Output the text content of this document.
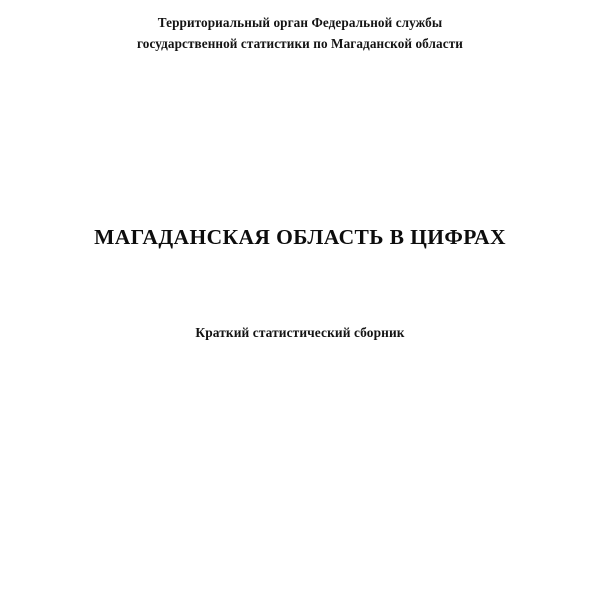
Территориальный орган Федеральной службы
государственной статистики по Магаданской области
МАГАДАНСКАЯ ОБЛАСТЬ В ЦИФРАХ
Краткий статистический сборник
